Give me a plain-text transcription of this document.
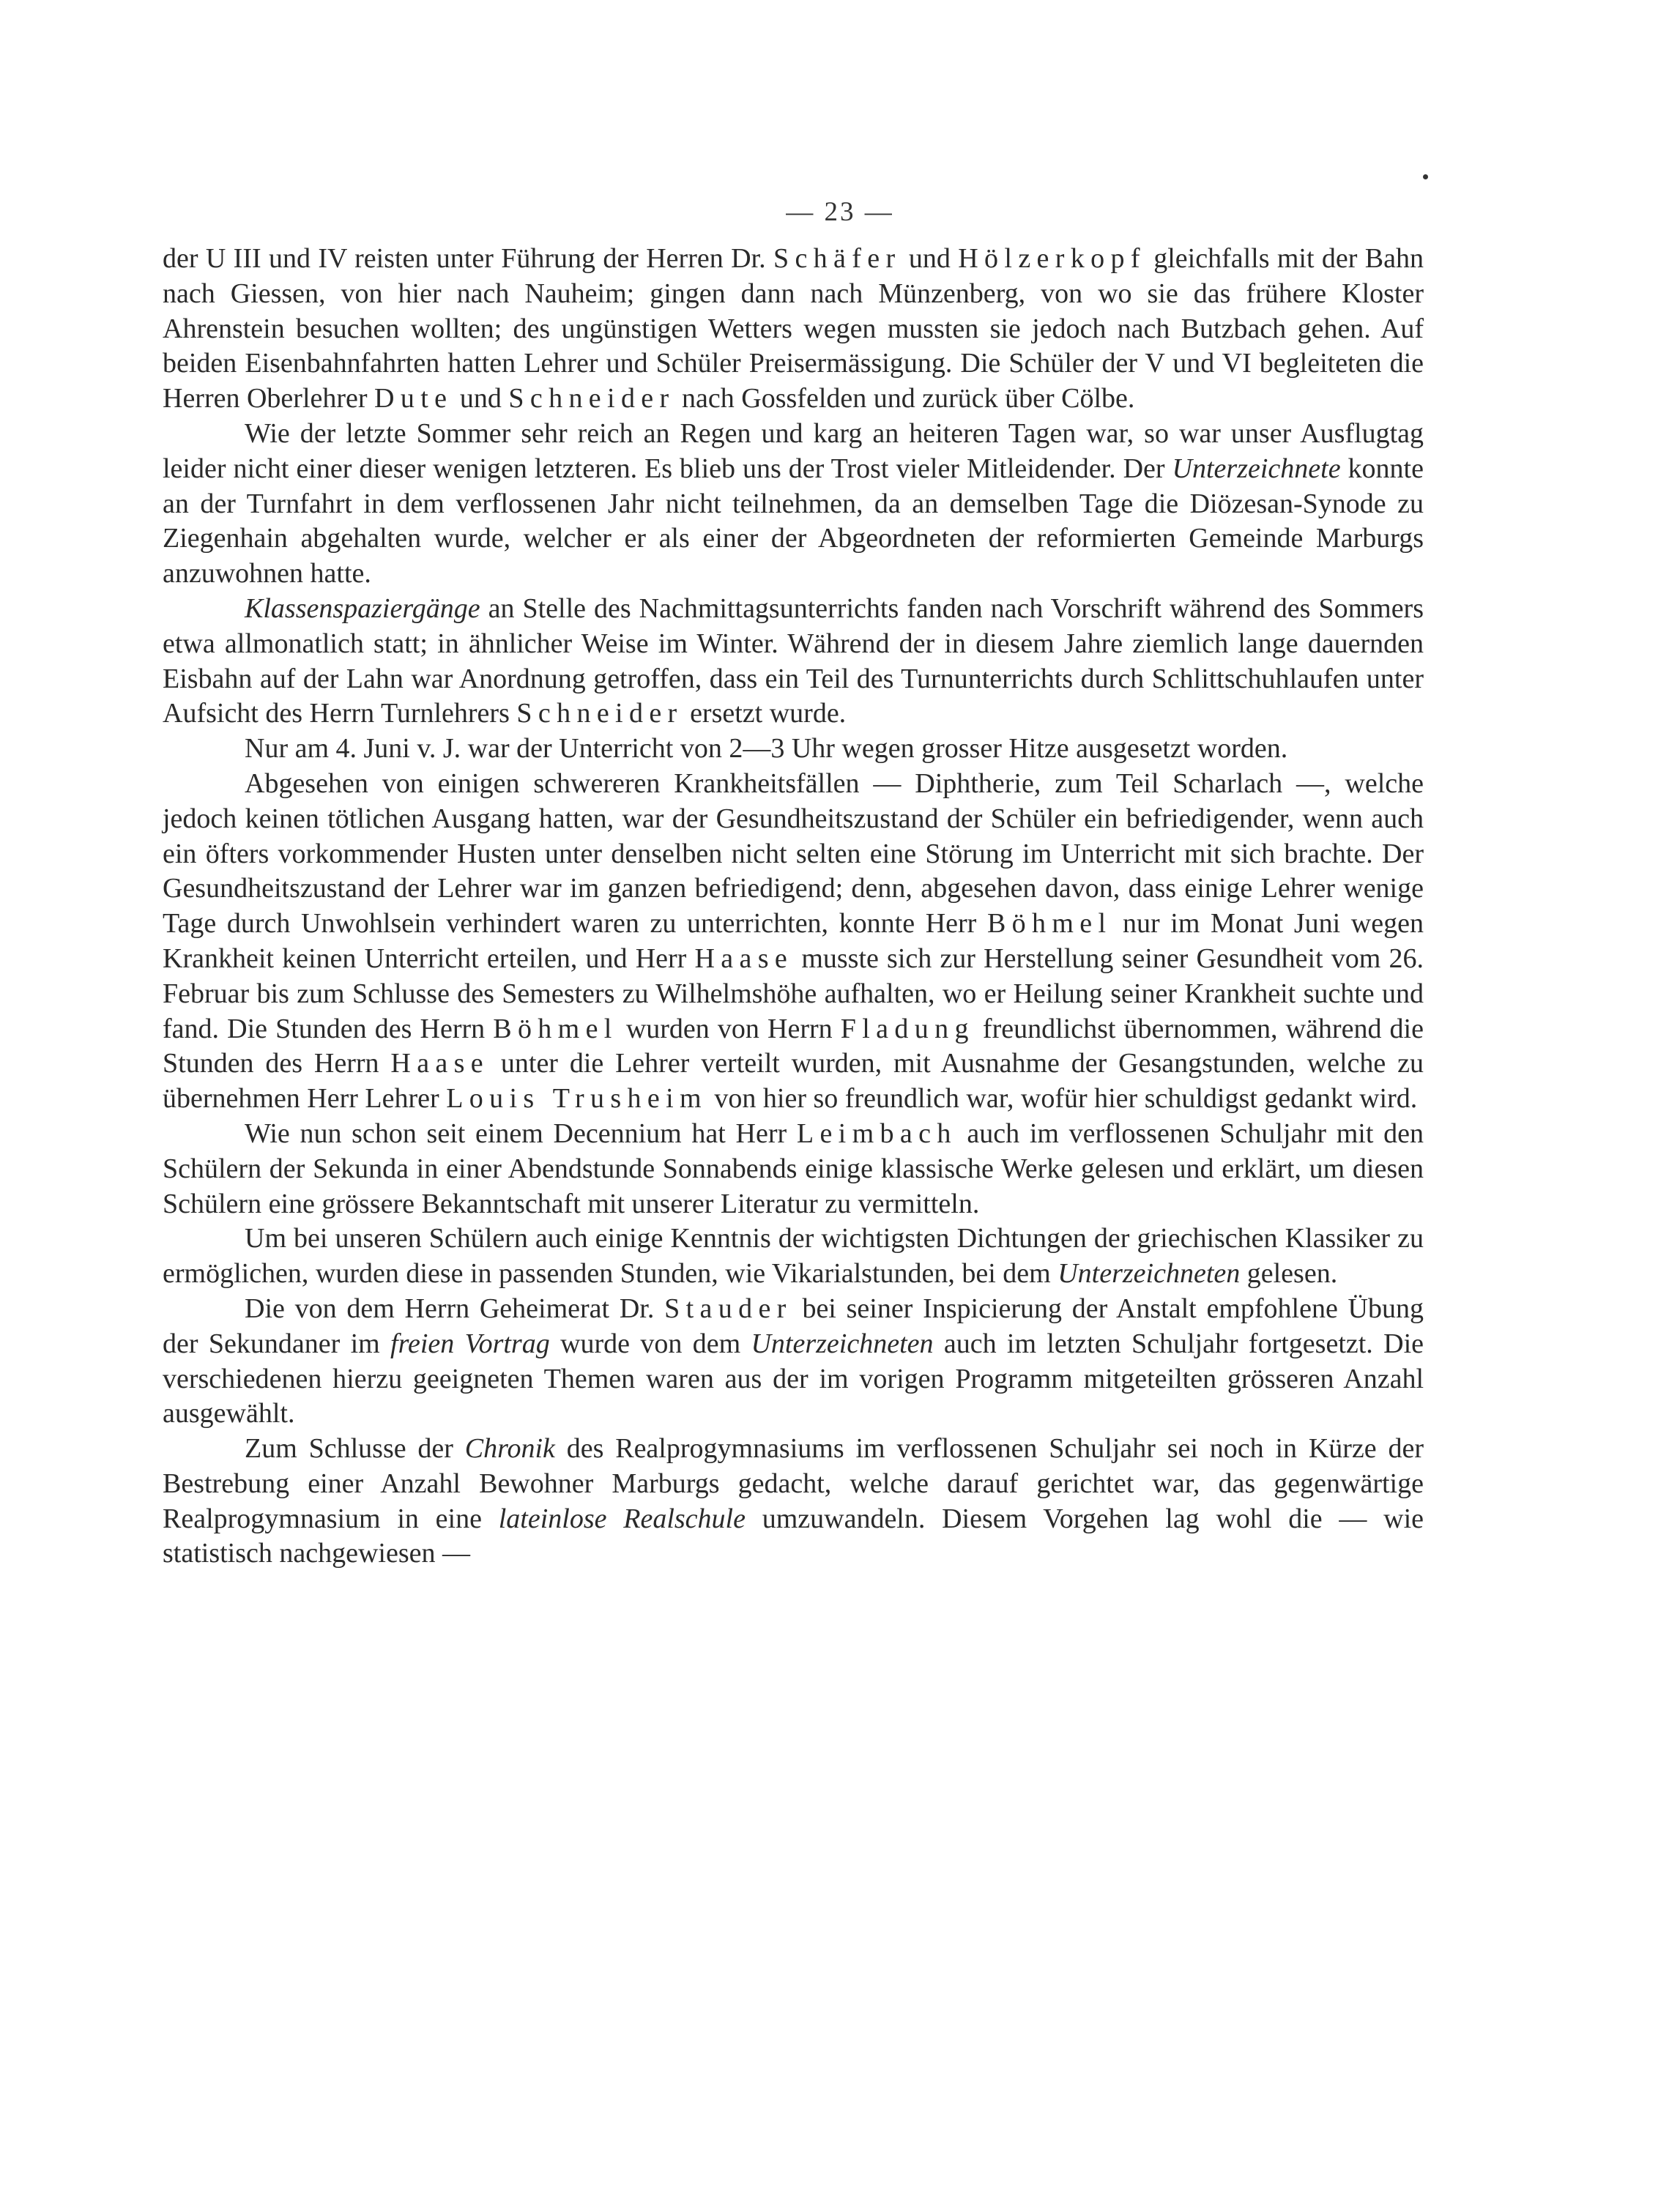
— 23 —

der U III und IV reisten unter Führung der Herren Dr. Schäfer und Hölzerkopf gleichfalls mit der Bahn nach Giessen, von hier nach Nauheim; gingen dann nach Münzenberg, von wo sie das frühere Kloster Ahrenstein besuchen wollten; des ungünstigen Wetters wegen mussten sie jedoch nach Butzbach gehen. Auf beiden Eisenbahnfahrten hatten Lehrer und Schüler Preisermässigung. Die Schüler der V und VI begleiteten die Herren Oberlehrer Dute und Schneider nach Gossfelden und zurück über Cölbe.

Wie der letzte Sommer sehr reich an Regen und karg an heiteren Tagen war, so war unser Ausflugtag leider nicht einer dieser wenigen letzteren. Es blieb uns der Trost vieler Mitleidender. Der Unterzeichnete konnte an der Turnfahrt in dem verflossenen Jahr nicht teilnehmen, da an demselben Tage die Diözesan-Synode zu Ziegenhain abgehalten wurde, welcher er als einer der Abgeordneten der reformierten Gemeinde Marburgs anzuwohnen hatte.

Klassenspaziergänge an Stelle des Nachmittagsunterrichts fanden nach Vorschrift während des Sommers etwa allmonatlich statt; in ähnlicher Weise im Winter. Während der in diesem Jahre ziemlich lange dauernden Eisbahn auf der Lahn war Anordnung getroffen, dass ein Teil des Turnunterrichts durch Schlittschuhlaufen unter Aufsicht des Herrn Turnlehrers Schneider ersetzt wurde.

Nur am 4. Juni v. J. war der Unterricht von 2—3 Uhr wegen grosser Hitze ausgesetzt worden.

Abgesehen von einigen schwereren Krankheitsfällen — Diphtherie, zum Teil Scharlach —, welche jedoch keinen tötlichen Ausgang hatten, war der Gesundheitszustand der Schüler ein befriedigender, wenn auch ein öfters vorkommender Husten unter denselben nicht selten eine Störung im Unterricht mit sich brachte. Der Gesundheitszustand der Lehrer war im ganzen befriedigend; denn, abgesehen davon, dass einige Lehrer wenige Tage durch Unwohlsein verhindert waren zu unterrichten, konnte Herr Böhmel nur im Monat Juni wegen Krankheit keinen Unterricht erteilen, und Herr Haase musste sich zur Herstellung seiner Gesundheit vom 26. Februar bis zum Schlusse des Semesters zu Wilhelmshöhe aufhalten, wo er Heilung seiner Krankheit suchte und fand. Die Stunden des Herrn Böhmel wurden von Herrn Fladung freundlichst übernommen, während die Stunden des Herrn Haase unter die Lehrer verteilt wurden, mit Ausnahme der Gesangstunden, welche zu übernehmen Herr Lehrer Louis Trusheim von hier so freundlich war, wofür hier schuldigst gedankt wird.

Wie nun schon seit einem Decennium hat Herr Leimbach auch im verflossenen Schuljahr mit den Schülern der Sekunda in einer Abendstunde Sonnabends einige klassische Werke gelesen und erklärt, um diesen Schülern eine grössere Bekanntschaft mit unserer Literatur zu vermitteln.

Um bei unseren Schülern auch einige Kenntnis der wichtigsten Dichtungen der griechischen Klassiker zu ermöglichen, wurden diese in passenden Stunden, wie Vikarialstunden, bei dem Unterzeichneten gelesen.

Die von dem Herrn Geheimerat Dr. Stauder bei seiner Inspicierung der Anstalt empfohlene Übung der Sekundaner im freien Vortrag wurde von dem Unterzeichneten auch im letzten Schuljahr fortgesetzt. Die verschiedenen hierzu geeigneten Themen waren aus der im vorigen Programm mitgeteilten grösseren Anzahl ausgewählt.

Zum Schlusse der Chronik des Realprogymnasiums im verflossenen Schuljahr sei noch in Kürze der Bestrebung einer Anzahl Bewohner Marburgs gedacht, welche darauf gerichtet war, das gegenwärtige Realprogymnasium in eine lateinlose Realschule umzuwandeln. Diesem Vorgehen lag wohl die — wie statistisch nachgewiesen —
